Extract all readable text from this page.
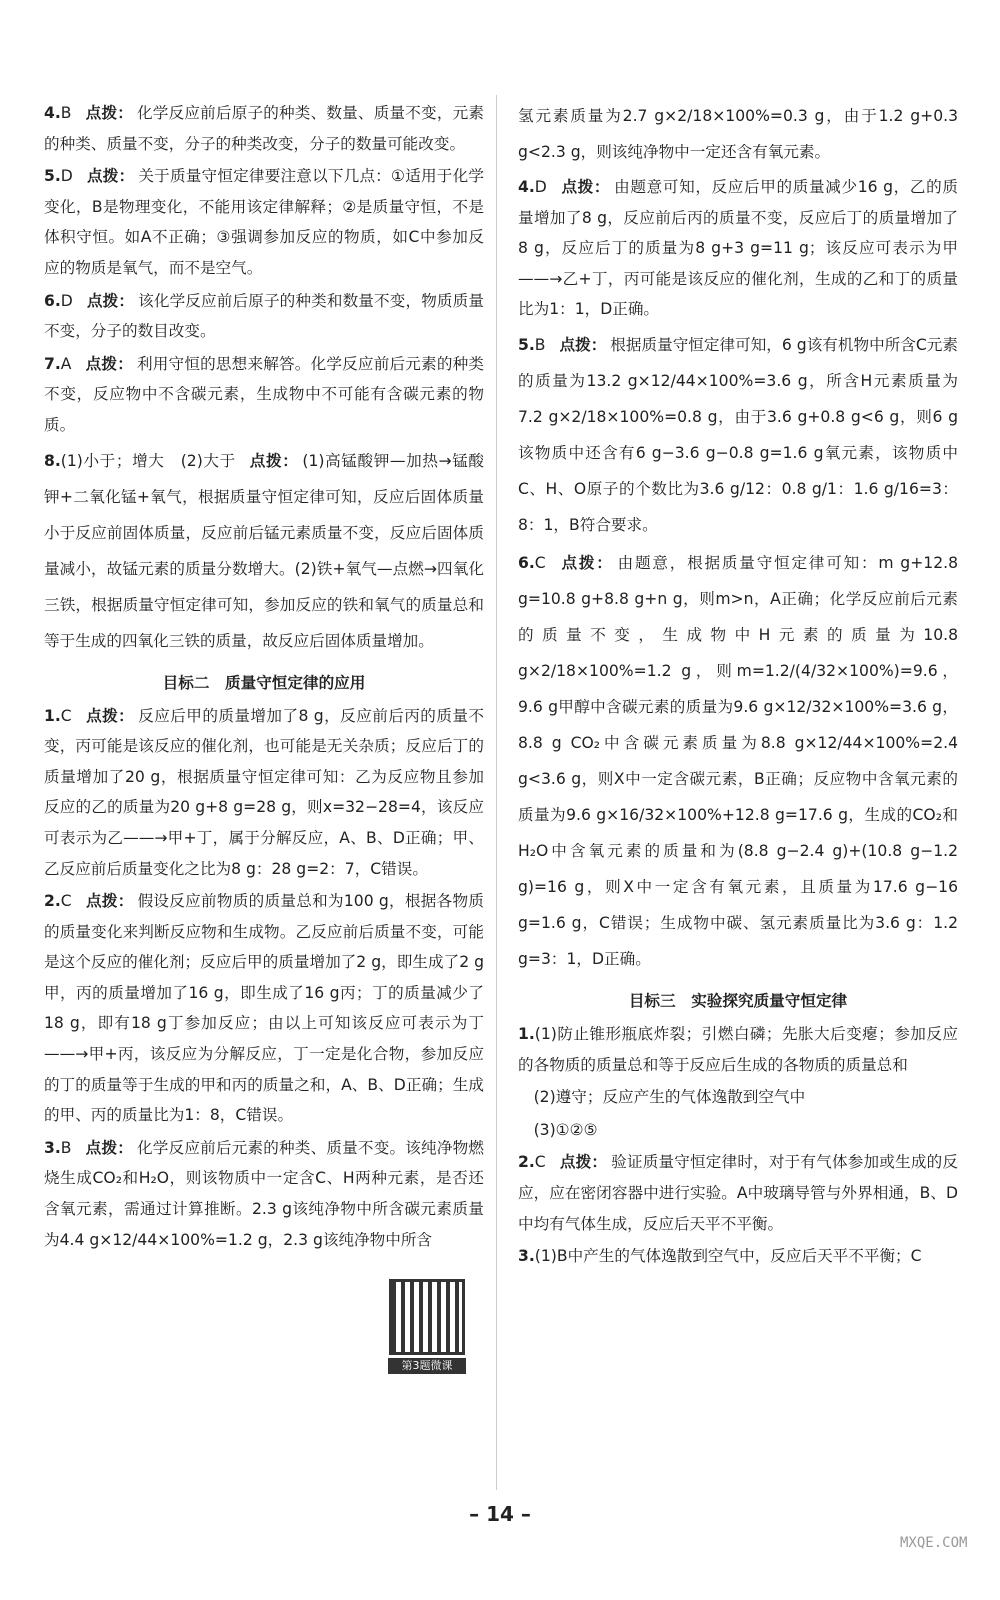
4.B 点拨： 化学反应前后原子的种类、数量、质量不变，元素的种类、质量不变，分子的种类改变，分子的数量可能改变。

5.D 点拨： 关于质量守恒定律要注意以下几点：①适用于化学变化，B是物理变化，不能用该定律解释；②是质量守恒，不是体积守恒。如A不正确；③强调参加反应的物质，如C中参加反应的物质是氧气，而不是空气。

6.D 点拨： 该化学反应前后原子的种类和数量不变，物质质量不变，分子的数目改变。

7.A 点拨： 利用守恒的思想来解答。化学反应前后元素的种类不变，反应物中不含碳元素，生成物中不可能有含碳元素的物质。

8.(1)小于；增大　(2)大于 点拨： (1)高锰酸钾—加热→锰酸钾+二氧化锰+氧气，根据质量守恒定律可知，反应后固体质量小于反应前固体质量，反应前后锰元素质量不变，反应后固体质量减小，故锰元素的质量分数增大。(2)铁+氧气—点燃→四氧化三铁，根据质量守恒定律可知，参加反应的铁和氧气的质量总和等于生成的四氧化三铁的质量，故反应后固体质量增加。

目标二　质量守恒定律的应用

1.C 点拨： 反应后甲的质量增加了8 g，反应前后丙的质量不变，丙可能是该反应的催化剂，也可能是无关杂质；反应后丁的质量增加了20 g，根据质量守恒定律可知：乙为反应物且参加反应的乙的质量为20 g+8 g=28 g，则x=32−28=4，该反应可表示为乙——→甲+丁，属于分解反应，A、B、D正确；甲、乙反应前后质量变化之比为8 g：28 g=2：7，C错误。

2.C 点拨： 假设反应前物质的质量总和为100 g，根据各物质的质量变化来判断反应物和生成物。乙反应前后质量不变，可能是这个反应的催化剂；反应后甲的质量增加了2 g，即生成了2 g甲，丙的质量增加了16 g，即生成了16 g丙；丁的质量减少了18 g，即有18 g丁参加反应；由以上可知该反应可表示为丁——→甲+丙，该反应为分解反应，丁一定是化合物，参加反应的丁的质量等于生成的甲和丙的质量之和，A、B、D正确；生成的甲、丙的质量比为1：8，C错误。

3.B 点拨： 化学反应前后元素的种类、质量不变。该纯净物燃烧生成CO₂和H₂O，则该物质中一定含C、H两种元素，是否还含氧元素，需通过计算推断。2.3 g该纯净物中所含碳元素质量为4.4 g×12/44×100%=1.2 g，2.3 g该纯净物中所含

氢元素质量为2.7 g×2/18×100%=0.3 g，由于1.2 g+0.3 g<2.3 g，则该纯净物中一定还含有氧元素。

4.D 点拨： 由题意可知，反应后甲的质量减少16 g，乙的质量增加了8 g，反应前后丙的质量不变，反应后丁的质量增加了8 g，反应后丁的质量为8 g+3 g=11 g；该反应可表示为甲——→乙+丁，丙可能是该反应的催化剂，生成的乙和丁的质量比为1：1，D正确。

5.B 点拨： 根据质量守恒定律可知，6 g该有机物中所含C元素的质量为13.2 g×12/44×100%=3.6 g，所含H元素质量为7.2 g×2/18×100%=0.8 g，由于3.6 g+0.8 g<6 g，则6 g该物质中还含有6 g−3.6 g−0.8 g=1.6 g氧元素，该物质中C、H、O原子的个数比为3.6 g/12：0.8 g/1：1.6 g/16=3：8：1，B符合要求。

6.C 点拨： 由题意，根据质量守恒定律可知：m g+12.8 g=10.8 g+8.8 g+n g，则m>n，A正确；化学反应前后元素的质量不变，生成物中H元素的质量为10.8 g×2/18×100%=1.2 g，则m=1.2/(4/32×100%)=9.6，9.6 g甲醇中含碳元素的质量为9.6 g×12/32×100%=3.6 g，8.8 g CO₂中含碳元素质量为8.8 g×12/44×100%=2.4 g<3.6 g，则X中一定含碳元素，B正确；反应物中含氧元素的质量为9.6 g×16/32×100%+12.8 g=17.6 g，生成的CO₂和H₂O中含氧元素的质量和为(8.8 g−2.4 g)+(10.8 g−1.2 g)=16 g，则X中一定含有氧元素，且质量为17.6 g−16 g=1.6 g，C错误；生成物中碳、氢元素质量比为3.6 g：1.2 g=3：1，D正确。

目标三　实验探究质量守恒定律

1.(1)防止锥形瓶底炸裂；引燃白磷；先胀大后变瘪；参加反应的各物质的质量总和等于反应后生成的各物质的质量总和

(2)遵守；反应产生的气体逸散到空气中

(3)①②⑤

2.C 点拨： 验证质量守恒定律时，对于有气体参加或生成的反应，应在密闭容器中进行实验。A中玻璃导管与外界相通，B、D中均有气体生成，反应后天平不平衡。

3.(1)B中产生的气体逸散到空气中，反应后天平不平衡；C

第3题微课
– 14 –
MXQE.COM
